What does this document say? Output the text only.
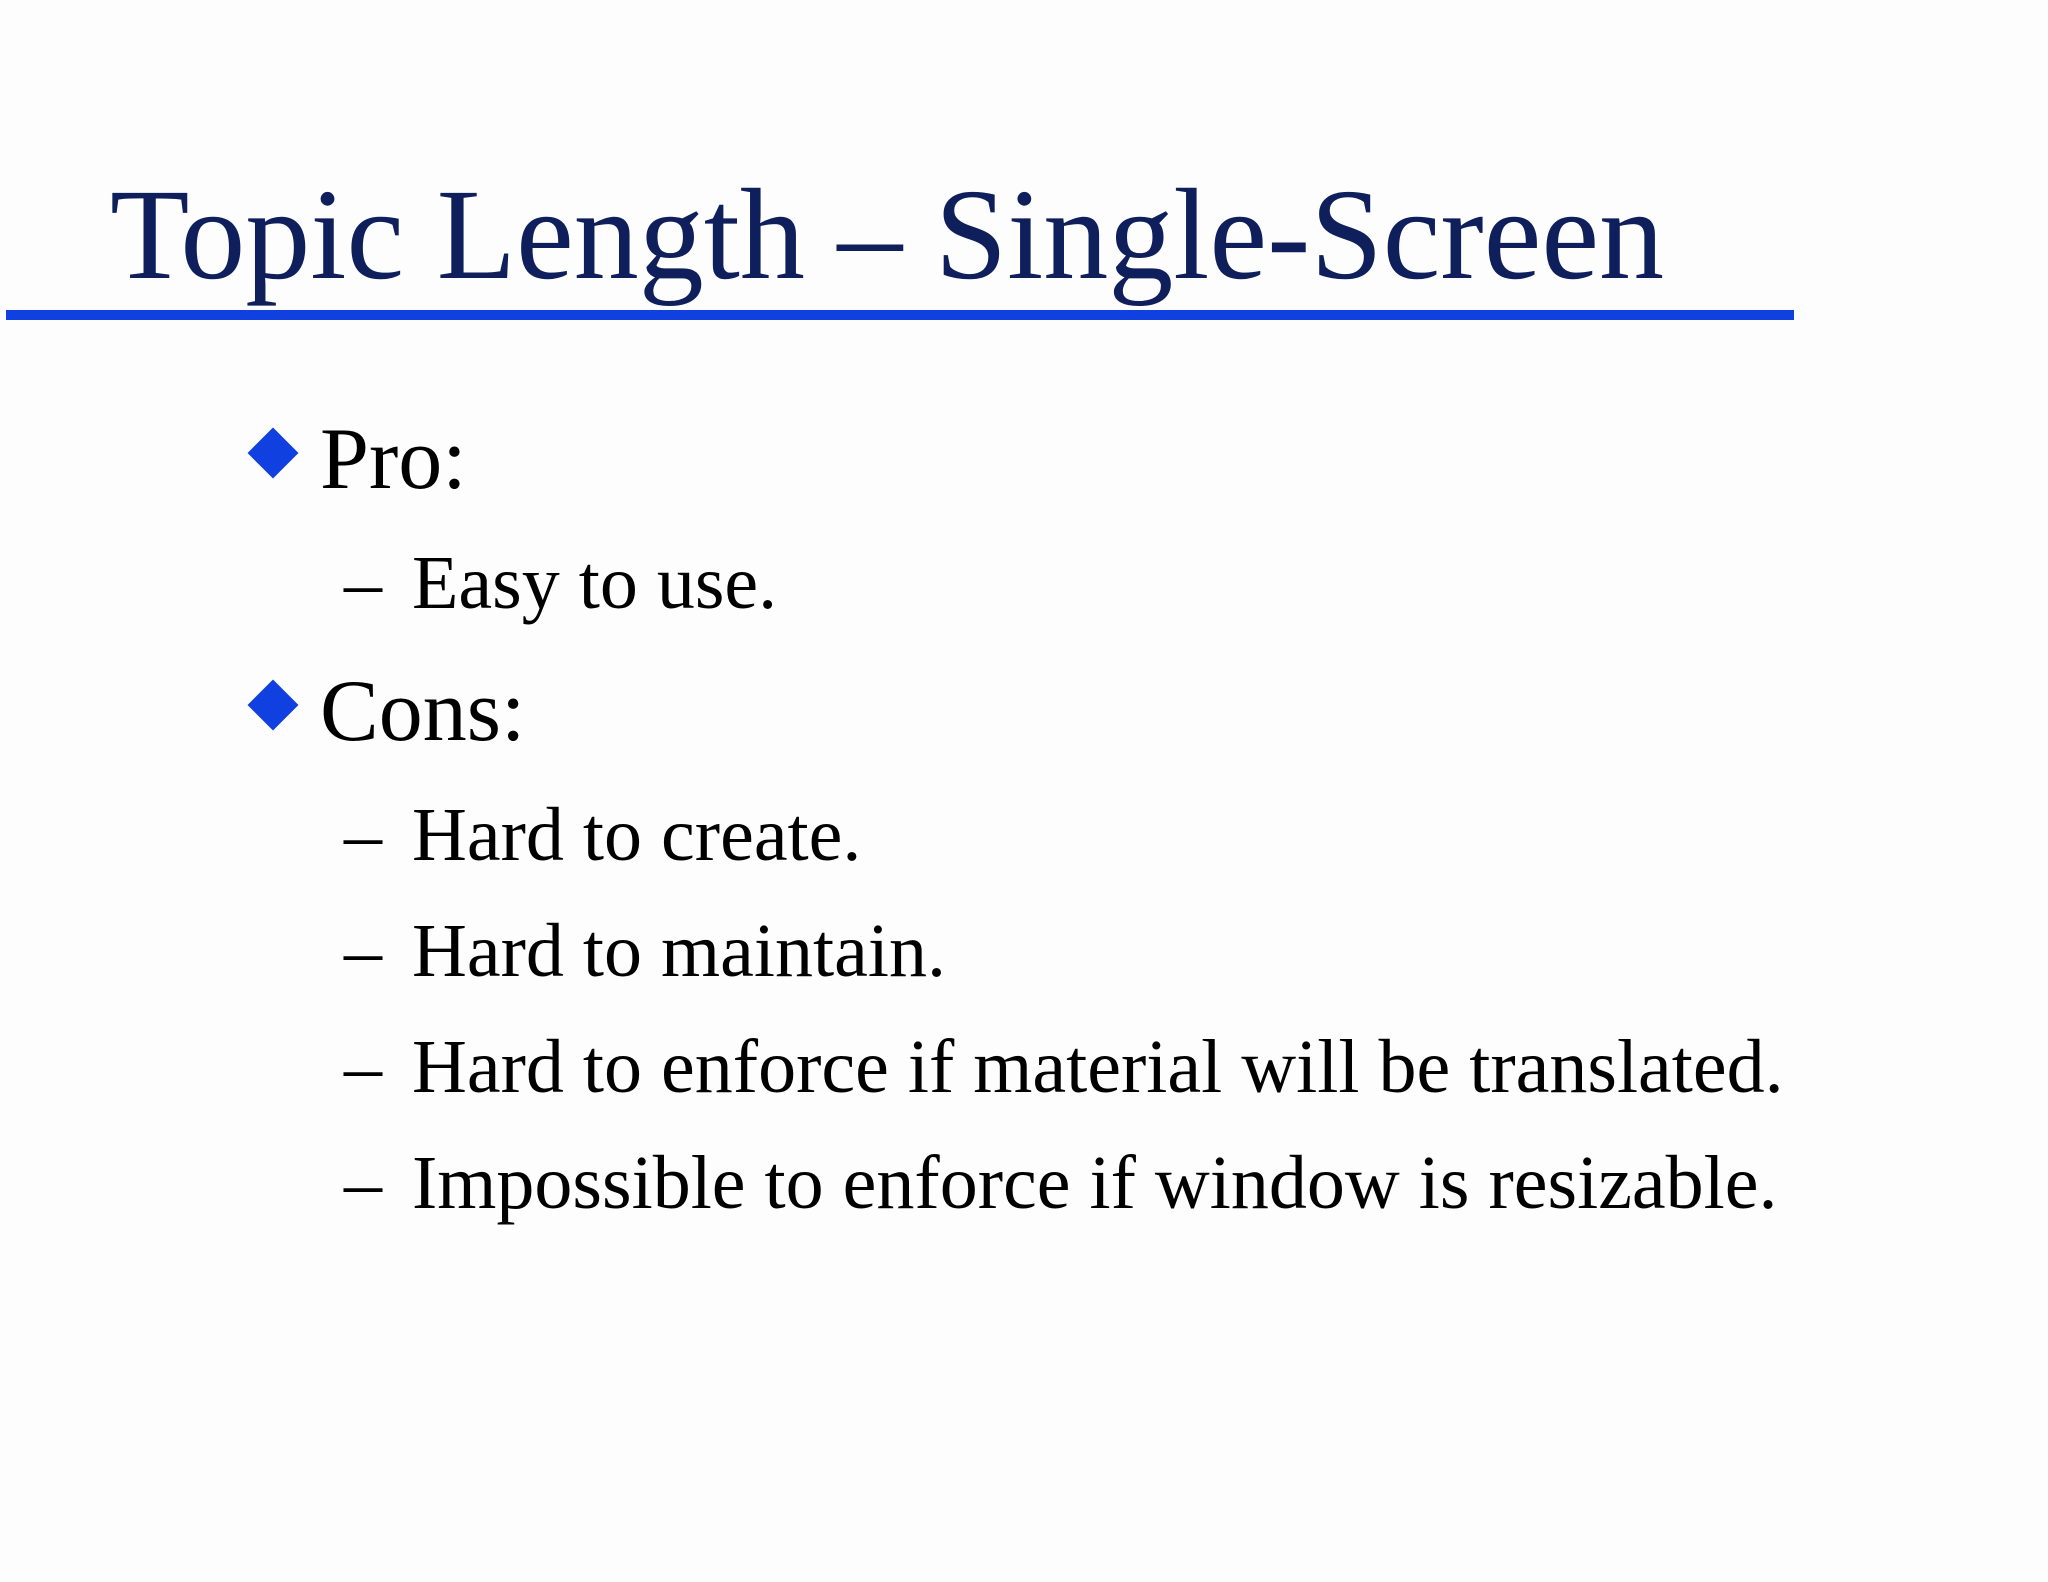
Topic Length – Single-Screen
Pro:
– Easy to use.
Cons:
– Hard to create.
– Hard to maintain.
– Hard to enforce if material will be translated.
– Impossible to enforce if window is resizable.
